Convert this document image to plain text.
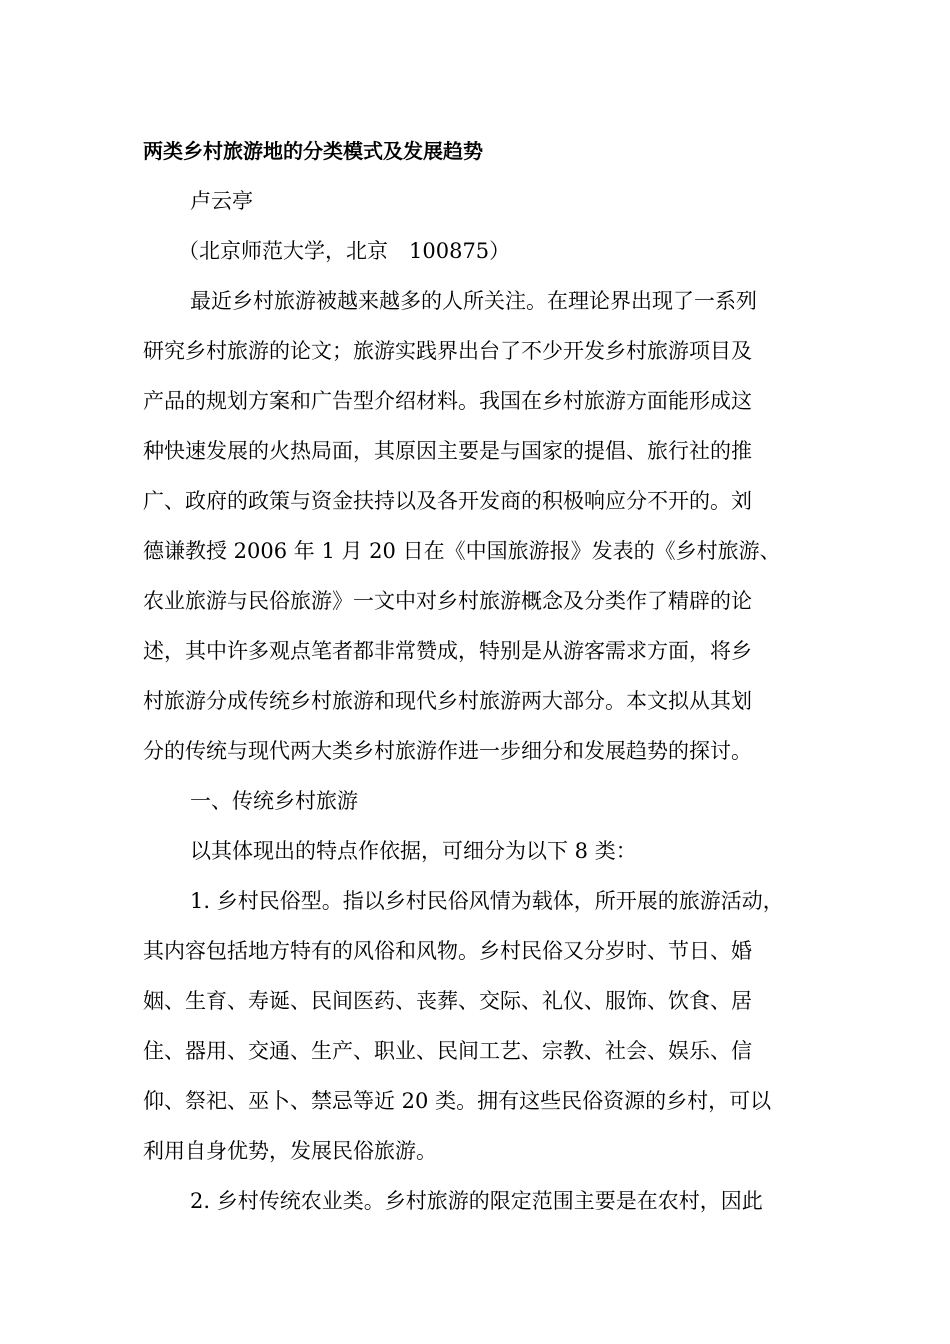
两类乡村旅游地的分类模式及发展趋势
卢云亭
（北京师范大学，北京　100875）
最近乡村旅游被越来越多的人所关注。在理论界出现了一系列
研究乡村旅游的论文；旅游实践界出台了不少开发乡村旅游项目及
产品的规划方案和广告型介绍材料。我国在乡村旅游方面能形成这
种快速发展的火热局面，其原因主要是与国家的提倡、旅行社的推
广、政府的政策与资金扶持以及各开发商的积极响应分不开的。刘
德谦教授 2006 年 1 月 20 日在《中国旅游报》发表的《乡村旅游、
农业旅游与民俗旅游》一文中对乡村旅游概念及分类作了精辟的论
述，其中许多观点笔者都非常赞成，特别是从游客需求方面，将乡
村旅游分成传统乡村旅游和现代乡村旅游两大部分。本文拟从其划
分的传统与现代两大类乡村旅游作进一步细分和发展趋势的探讨。
一、传统乡村旅游
以其体现出的特点作依据，可细分为以下 8 类：
1. 乡村民俗型。指以乡村民俗风情为载体，所开展的旅游活动，
其内容包括地方特有的风俗和风物。乡村民俗又分岁时、节日、婚
姻、生育、寿诞、民间医药、丧葬、交际、礼仪、服饰、饮食、居
住、器用、交通、生产、职业、民间工艺、宗教、社会、娱乐、信
仰、祭祀、巫卜、禁忌等近 20 类。拥有这些民俗资源的乡村，可以
利用自身优势，发展民俗旅游。
2. 乡村传统农业类。乡村旅游的限定范围主要是在农村，因此
